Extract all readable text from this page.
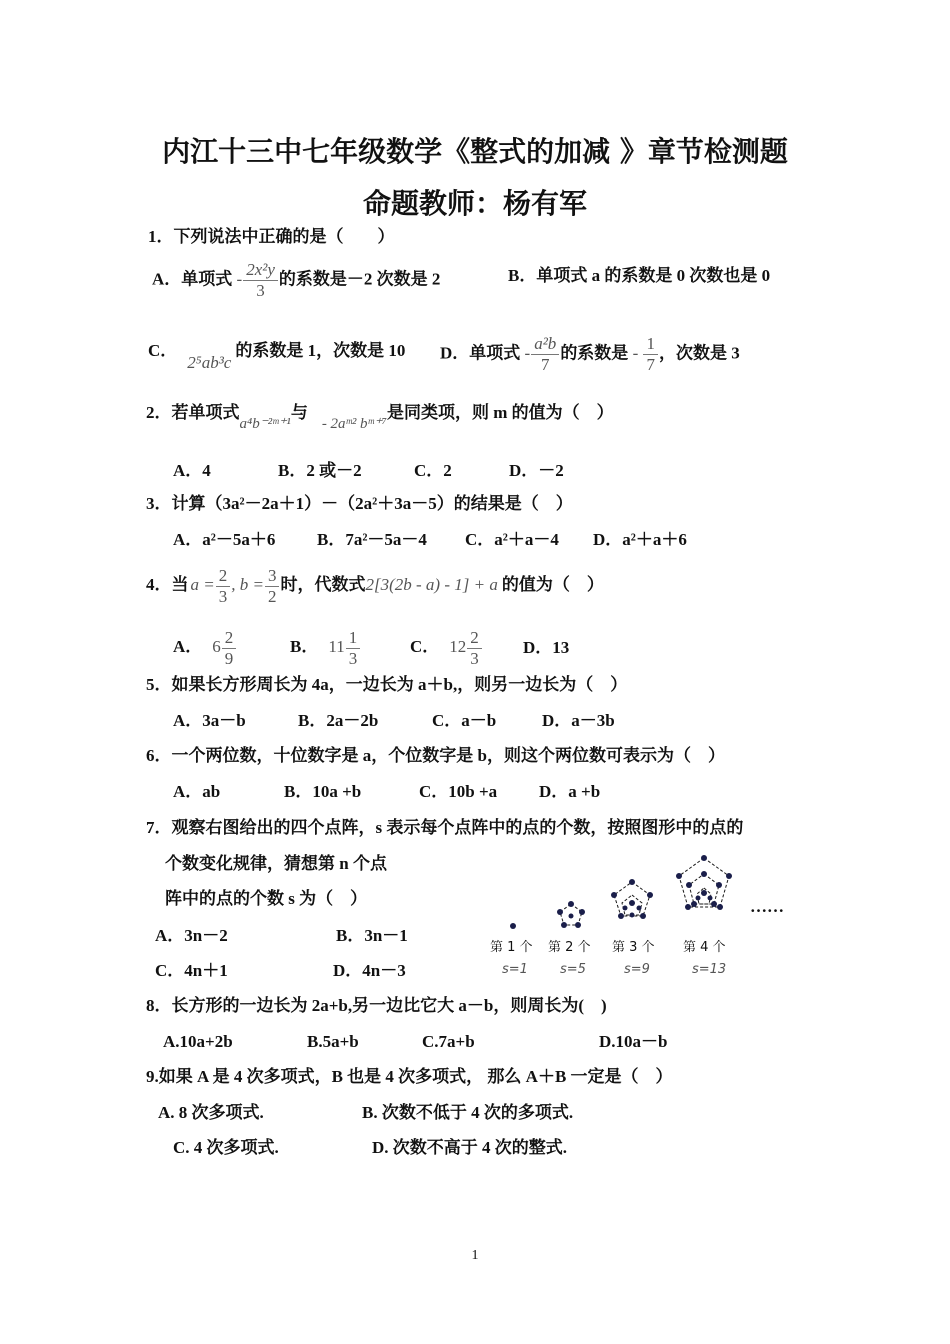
内江十三中七年级数学《整式的加减 》章节检测题
命题教师：杨有军
1．下列说法中正确的是（　　）
A．单项式 - $\frac{\text{2x²y}}{3}$ 的系数是－2 次数是 2	B．单项式 a 的系数是 0 次数也是 0
C．2⁵ab³c的系数是 1，次数是 10 D．单项式 - $\frac{\text{a²b}}{7}$ 的系数是 - $\frac{1}{7}$ ，次数是 3
2．若单项式a⁴b⁻²ᵐ⁺¹与- 2aᵐ² bᵐ⁺⁷是同类项，则 m 的值为（　）
A．4	B．2 或－2	C．2	D．－2
3．计算（3a²－2a＋1）－（2a²＋3a－5）的结果是（　）
A．a²－5a＋6 B．7a²－5a－4 C．a²＋a－4 D．a²＋a＋6
4．当 $a = \frac{2}{3}$ , $b = \frac{3}{2}$ 时，代数式2[3(2b - a) - 1] + a 的值为（　）
A． $6 \frac{2}{9}$	B． $11 \frac{1}{3}$	C． $12 \frac{2}{3}$ D．13
5．如果长方形周长为 4a，一边长为 a＋b,，则另一边长为（　）
A．3a－b	B．2a－2b	C．a－b	D．a－3b
6．一个两位数，十位数字是 a，个位数字是 b，则这个两位数可表示为（　）
A．ab	B．10a +b	C．10b +a D．a +b
7．观察右图给出的四个点阵，s 表示每个点阵中的点的个数，按照图形中的点的
个数变化规律，猜想第 n 个点
阵中的点的个数 s 为（　）
A．3n－2	B．3n－1
C．4n＋1	D．4n－3
第 1 个 第 2 个 第 3 个 第 4 个
s=1 s=5	s=9	s=13
……
8．长方形的一边长为 2a+b,另一边比它大 a－b，则周长为(　)
A.10a+2b	B.5a+b	C.7a+b	D.10a－b
9.如果 A 是 4 次多项式，B 也是 4 次多项式， 那么 A＋B 一定是（　）
A. 8 次多项式.	B. 次数不低于 4 次的多项式.
C. 4 次多项式.	D. 次数不高于 4 次的整式.
1
